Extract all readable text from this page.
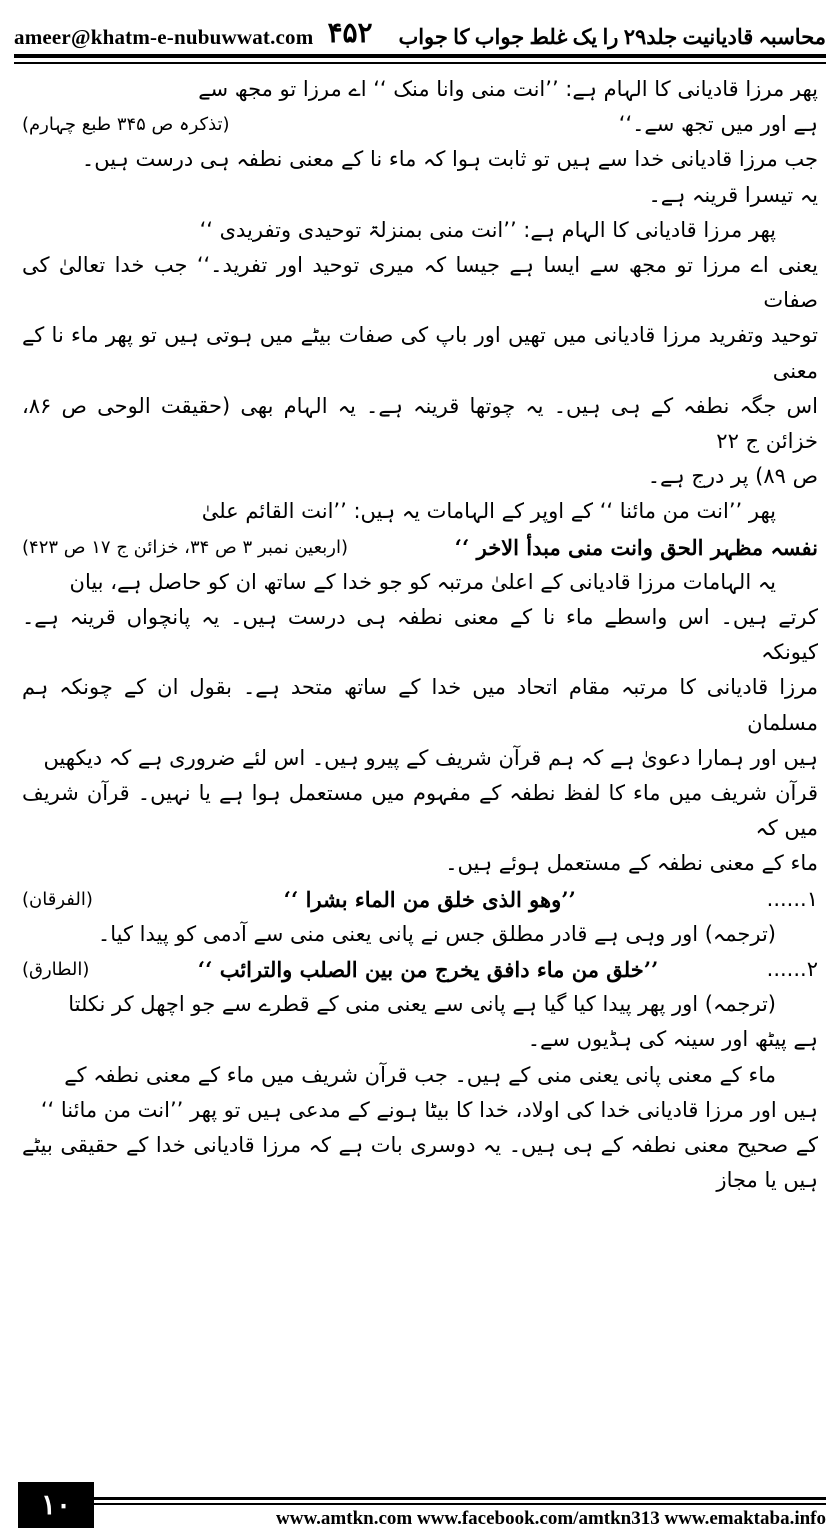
ameer@khatm-e-nubuwwat.com ۴۵۲	محاسبہ قادیانیت جلد۲۹ را یک غلط جواب کا جواب

پھر مرزا قادیانی کا الہام ہے: ’’انت منی وانا منک ‘‘ اے مرزا تو مجھ سے

ہے اور میں تجھ سے۔‘‘
(تذکرہ ص ۳۴۵ طبع چہارم)

جب مرزا قادیانی خدا سے ہیں تو ثابت ہوا کہ ماء نا کے معنی نطفہ ہی درست ہیں۔

یہ تیسرا قرینہ ہے۔

پھر مرزا قادیانی کا الہام ہے: ’’انت منی بمنزلۃ توحیدی وتفریدی ‘‘

یعنی اے مرزا تو مجھ سے ایسا ہے جیسا کہ میری توحید اور تفرید۔‘‘ جب خدا تعالیٰ کی صفات

توحید وتفرید مرزا قادیانی میں تھیں اور باپ کی صفات بیٹے میں ہوتی ہیں تو پھر ماء نا کے معنی

اس جگہ نطفہ کے ہی ہیں۔ یہ چوتھا قرینہ ہے۔ یہ الہام بھی (حقیقت الوحی ص ۸۶، خزائن ج ۲۲

ص ۸۹) پر درج ہے۔

پھر ’’انت من مائنا ‘‘ کے اوپر کے الہامات یہ ہیں: ’’انت القائم علیٰ

نفسہ مظہر الحق وانت منی مبدأ الاخر ‘‘
(اربعین نمبر ۳ ص ۳۴، خزائن ج ۱۷ ص ۴۲۳)

یہ الہامات مرزا قادیانی کے اعلیٰ مرتبہ کو جو خدا کے ساتھ ان کو حاصل ہے، بیان

کرتے ہیں۔ اس واسطے ماء نا کے معنی نطفہ ہی درست ہیں۔ یہ پانچواں قرینہ ہے۔ کیونکہ

مرزا قادیانی کا مرتبہ مقام اتحاد میں خدا کے ساتھ متحد ہے۔ بقول ان کے چونکہ ہم مسلمان

ہیں اور ہمارا دعویٰ ہے کہ ہم قرآن شریف کے پیرو ہیں۔ اس لئے ضروری ہے کہ دیکھیں

قرآن شریف میں ماء کا لفظ نطفہ کے مفہوم میں مستعمل ہوا ہے یا نہیں۔ قرآن شریف میں کہ

ماء کے معنی نطفہ کے مستعمل ہوئے ہیں۔

۱......
’’وھو الذی خلق من الماء بشرا ‘‘
(الفرقان)

(ترجمہ) اور وہی ہے قادر مطلق جس نے پانی یعنی منی سے آدمی کو پیدا کیا۔

۲......
’’خلق من ماء دافق یخرج من بین الصلب والترائب ‘‘
(الطارق)

(ترجمہ) اور پھر پیدا کیا گیا ہے پانی سے یعنی منی کے قطرے سے جو اچھل کر نکلتا

ہے پیٹھ اور سینہ کی ہڈیوں سے۔

ماء کے معنی پانی یعنی منی کے ہیں۔ جب قرآن شریف میں ماء کے معنی نطفہ کے

ہیں اور مرزا قادیانی خدا کی اولاد، خدا کا بیٹا ہونے کے مدعی ہیں تو پھر ’’انت من مائنا ‘‘

کے صحیح معنی نطفہ کے ہی ہیں۔ یہ دوسری بات ہے کہ مرزا قادیانی خدا کے حقیقی بیٹے ہیں یا مجاز

۱۰	www.amtkn.com www.facebook.com/amtkn313 www.emaktaba.info
